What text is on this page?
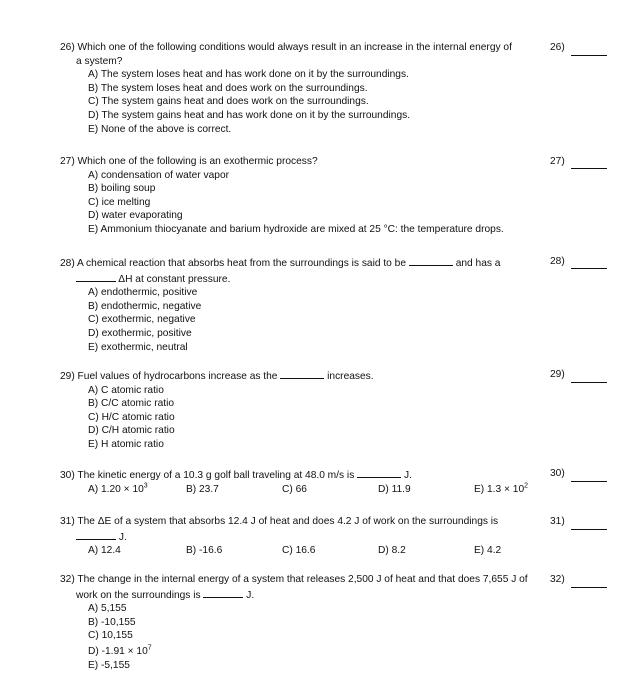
26) Which one of the following conditions would always result in an increase in the internal energy of
a system?
A) The system loses heat and has work done on it by the surroundings.
B) The system loses heat and does work on the surroundings.
C) The system gains heat and does work on the surroundings.
D) The system gains heat and has work done on it by the surroundings.
E) None of the above is correct.
26)
27) Which one of the following is an exothermic process?
A) condensation of water vapor
B) boiling soup
C) ice melting
D) water evaporating
E) Ammonium thiocyanate and barium hydroxide are mixed at 25 °C: the temperature drops.
27)
28) A chemical reaction that absorbs heat from the surroundings is said to be	and has a
ΔH at constant pressure.
A) endothermic, positive
B) endothermic, negative
C) exothermic, negative
D) exothermic, positive
E) exothermic, neutral
28)
29) Fuel values of hydrocarbons increase as the	increases.
A) C atomic ratio
B) C/C atomic ratio
C) H/C atomic ratio
D) C/H atomic ratio
E) H atomic ratio
29)
30) The kinetic energy of a 10.3 g golf ball traveling at 48.0 m/s is	J.
A) $1.20 \times 10^3$	B) 23.7	C) 66	D) 11.9	E) $1.3 \times 10^2$
30)
31) The ΔE of a system that absorbs 12.4 J of heat and does 4.2 J of work on the surroundings is
J.
A) 12.4	B) -16.6	C) 16.6	D) 8.2	E) 4.2
31)
32) The change in the internal energy of a system that releases 2,500 J of heat and that does 7,655 J of
work on the surroundings is	J.
A) 5,155
B) -10,155
C) 10,155
D) $-1.91 \times 10^7$
E) -5,155
32)
